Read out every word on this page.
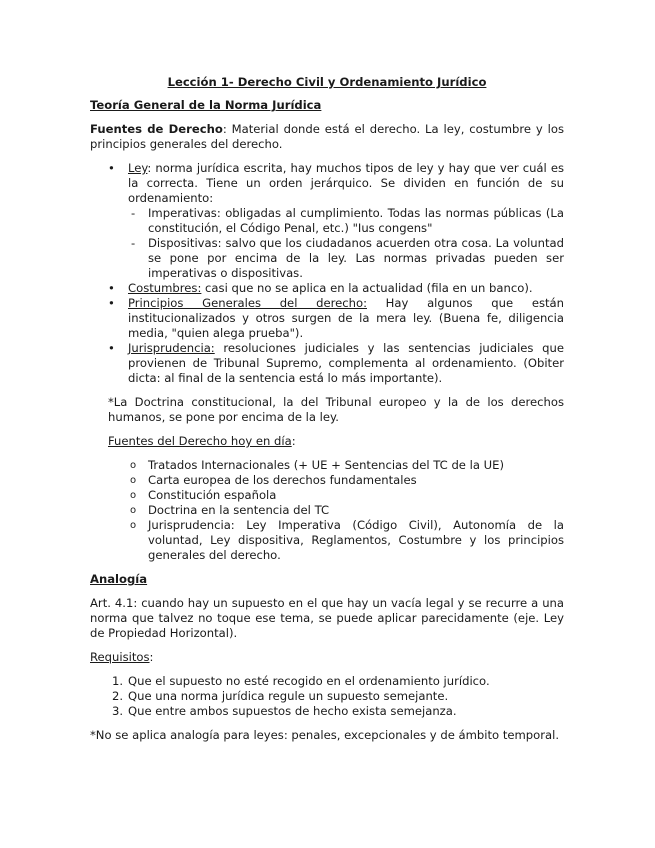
Lección 1- Derecho Civil y Ordenamiento Jurídico

Teoría General de la Norma Jurídica

Fuentes de Derecho: Material donde está el derecho. La ley, costumbre y los principios generales del derecho.

• Ley: norma jurídica escrita, hay muchos tipos de ley y hay que ver cuál es la correcta. Tiene un orden jerárquico. Se dividen en función de su ordenamiento:
- Imperativas: obligadas al cumplimiento. Todas las normas públicas (La constitución, el Código Penal, etc.) "Ius congens"
- Dispositivas: salvo que los ciudadanos acuerden otra cosa. La voluntad se pone por encima de la ley. Las normas privadas pueden ser imperativas o dispositivas.
• Costumbres: casi que no se aplica en la actualidad (fila en un banco).
• Principios Generales del derecho: Hay algunos que están institucionalizados y otros surgen de la mera ley. (Buena fe, diligencia media, "quien alega prueba").
• Jurisprudencia: resoluciones judiciales y las sentencias judiciales que provienen de Tribunal Supremo, complementa al ordenamiento. (Obiter dicta: al final de la sentencia está lo más importante).

*La Doctrina constitucional, la del Tribunal europeo y la de los derechos humanos, se pone por encima de la ley.

Fuentes del Derecho hoy en día:

o Tratados Internacionales (+ UE + Sentencias del TC de la UE)
o Carta europea de los derechos fundamentales
o Constitución española
o Doctrina en la sentencia del TC
o Jurisprudencia: Ley Imperativa (Código Civil), Autonomía de la voluntad, Ley dispositiva, Reglamentos, Costumbre y los principios generales del derecho.

Analogía

Art. 4.1: cuando hay un supuesto en el que hay un vacía legal y se recurre a una norma que talvez no toque ese tema, se puede aplicar parecidamente (eje. Ley de Propiedad Horizontal).

Requisitos:

1. Que el supuesto no esté recogido en el ordenamiento jurídico.
2. Que una norma jurídica regule un supuesto semejante.
3. Que entre ambos supuestos de hecho exista semejanza.

*No se aplica analogía para leyes: penales, excepcionales y de ámbito temporal.
